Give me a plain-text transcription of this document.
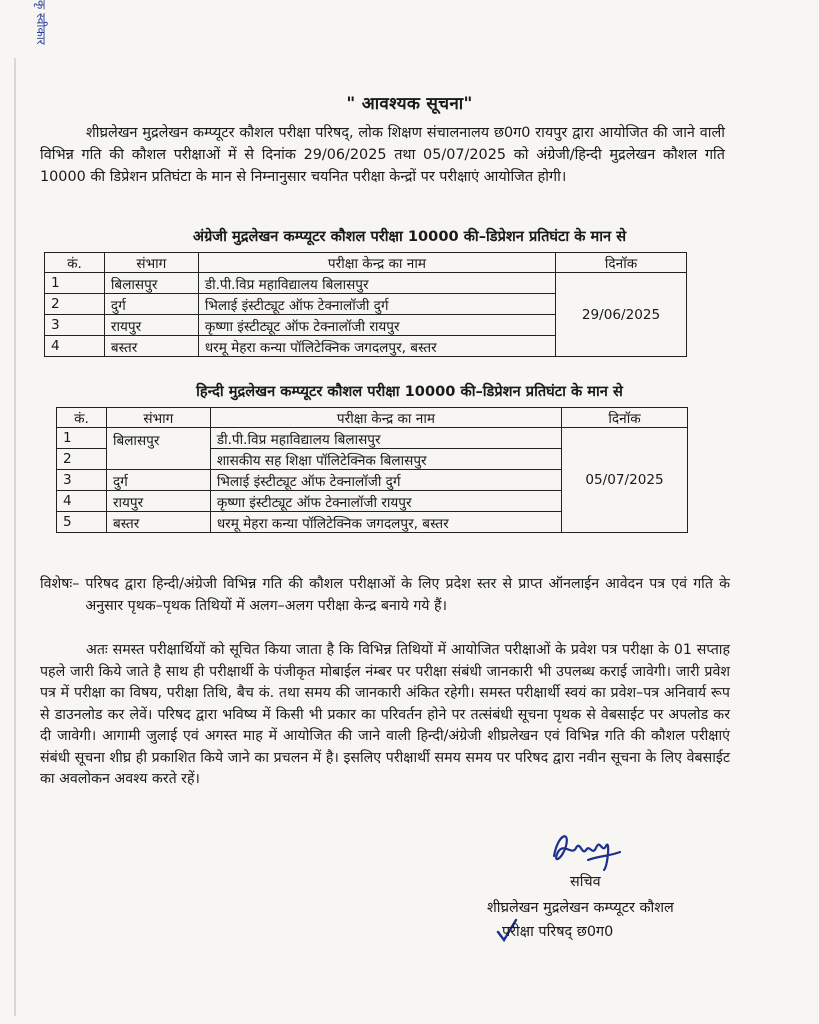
कृ स्वीकार
" आवश्यक सूचना"
शीघ्रलेखन मुद्रलेखन कम्प्यूटर कौशल परीक्षा परिषद्, लोक शिक्षण संचालनालय छ0ग0 रायपुर द्वारा आयोजित की जाने वाली विभिन्न गति की कौशल परीक्षाओं में से दिनांक 29/06/2025 तथा 05/07/2025 को अंग्रेजी/हिन्दी मुद्रलेखन कौशल गति 10000 की डिप्रेशन प्रतिघंटा के मान से निम्नानुसार चयनित परीक्षा केन्द्रों पर परीक्षाएं आयोजित होगी।
अंग्रेजी मुद्रलेखन कम्प्यूटर कौशल परीक्षा 10000 की–डिप्रेशन प्रतिघंटा के मान से
कं.	संभाग	परीक्षा केन्द्र का नाम	दिनॉक
1	बिलासपुर	डी.पी.विप्र महाविद्यालय बिलासपुर	29/06/2025
2	दुर्ग	भिलाई इंस्टीट्यूट ऑफ टेक्नालॉजी दुर्ग	
3	रायपुर	कृष्णा इंस्टीट्यूट ऑफ टेक्नालॉजी रायपुर	
4	बस्तर	धरमू मेहरा कन्या पॉलिटेक्निक जगदलपुर, बस्तर	
हिन्दी मुद्रलेखन कम्प्यूटर कौशल परीक्षा 10000 की–डिप्रेशन प्रतिघंटा के मान से
कं.	संभाग	परीक्षा केन्द्र का नाम	दिनॉक
1	बिलासपुर	डी.पी.विप्र महाविद्यालय बिलासपुर	05/07/2025
2		शासकीय सह शिक्षा पॉलिटेक्निक बिलासपुर	
3	दुर्ग	भिलाई इंस्टीट्यूट ऑफ टेक्नालॉजी दुर्ग	
4	रायपुर	कृष्णा इंस्टीट्यूट ऑफ टेक्नालॉजी रायपुर	
5	बस्तर	धरमू मेहरा कन्या पॉलिटेक्निक जगदलपुर, बस्तर	
विशेषः– परिषद द्वारा हिन्दी/अंग्रेजी विभिन्न गति की कौशल परीक्षाओं के लिए प्रदेश स्तर से प्राप्त ऑनलाईन आवेदन पत्र एवं गति के अनुसार पृथक–पृथक तिथियों में अलग–अलग परीक्षा केन्द्र बनाये गये हैं।
अतः समस्त परीक्षार्थियों को सूचित किया जाता है कि विभिन्न तिथियों में आयोजित परीक्षाओं के प्रवेश पत्र परीक्षा के 01 सप्ताह पहले जारी किये जाते है साथ ही परीक्षार्थी के पंजीकृत मोबाईल नंम्बर पर परीक्षा संबंधी जानकारी भी उपलब्ध कराई जावेगी। जारी प्रवेश पत्र में परीक्षा का विषय, परीक्षा तिथि, बैच कं. तथा समय की जानकारी अंकित रहेगी। समस्त परीक्षार्थी स्वयं का प्रवेश–पत्र अनिवार्य रूप से डाउनलोड कर लेवें। परिषद द्वारा भविष्य में किसी भी प्रकार का परिवर्तन होने पर तत्संबंधी सूचना पृथक से वेबसाईट पर अपलोड कर दी जावेगी। आगामी जुलाई एवं अगस्त माह में आयोजित की जाने वाली हिन्दी/अंग्रेजी शीघ्रलेखन एवं विभिन्न गति की कौशल परीक्षाएं संबंधी सूचना शीघ्र ही प्रकाशित किये जाने का प्रचलन में है। इसलिए परीक्षार्थी समय समय पर परिषद द्वारा नवीन सूचना के लिए वेबसाईट का अवलोकन अवश्य करते रहें।
सचिव
शीघ्रलेखन मुद्रलेखन कम्प्यूटर कौशल
परीक्षा परिषद् छ0ग0
